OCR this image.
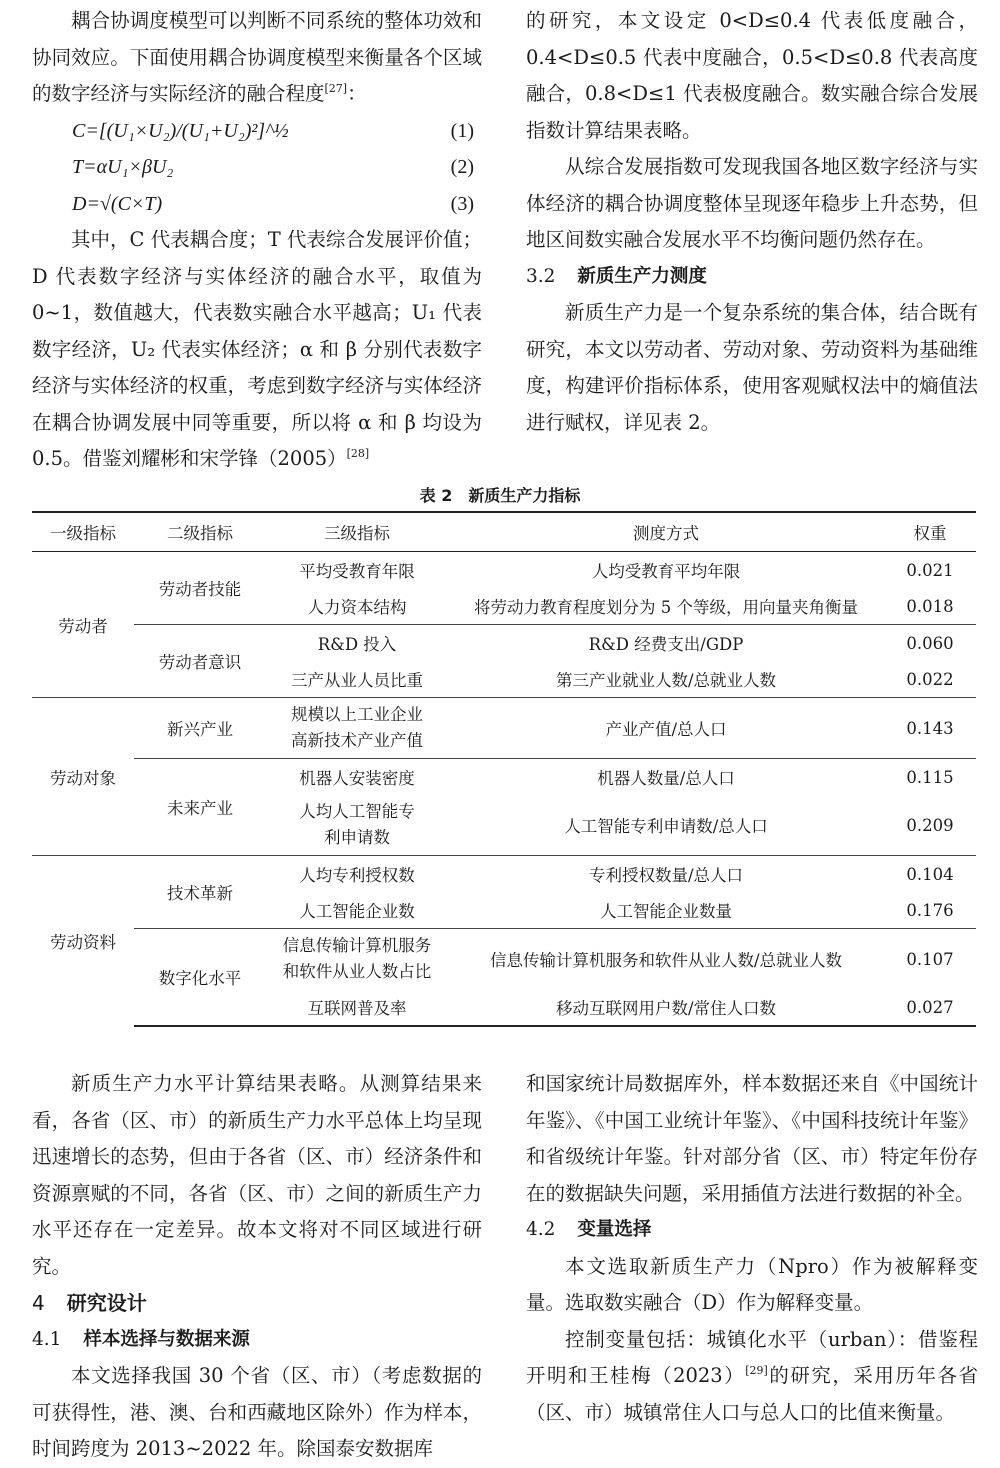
耦合协调度模型可以判断不同系统的整体功效和协同效应。下面使用耦合协调度模型来衡量各个区域的数字经济与实际经济的融合程度[27]：

C=[(U₁×U₂)/(U₁+U₂)²]^½	(1)
T=αU₁×βU₂	(2)
D=√(C×T)	(3)

其中，C 代表耦合度；T 代表综合发展评价值；D 代表数字经济与实体经济的融合水平，取值为 0~1，数值越大，代表数实融合水平越高；U₁ 代表数字经济，U₂ 代表实体经济；α 和 β 分别代表数字经济与实体经济的权重，考虑到数字经济与实体经济在耦合协调发展中同等重要，所以将 α 和 β 均设为 0.5。借鉴刘耀彬和宋学锋（2005）[28]

的研究，本文设定 0<D≤0.4 代表低度融合，0.4<D≤0.5 代表中度融合，0.5<D≤0.8 代表高度融合，0.8<D≤1 代表极度融合。数实融合综合发展指数计算结果表略。

从综合发展指数可发现我国各地区数字经济与实体经济的耦合协调度整体呈现逐年稳步上升态势，但地区间数实融合发展水平不均衡问题仍然存在。

3.2 新质生产力测度

新质生产力是一个复杂系统的集合体，结合既有研究，本文以劳动者、劳动对象、劳动资料为基础维度，构建评价指标体系，使用客观赋权法中的熵值法进行赋权，详见表 2。

表 2　新质生产力指标
一级指标	二级指标	三级指标	测度方式	权重
劳动者	劳动者技能	平均受教育年限	人均受教育平均年限	0.021
		人力资本结构	将劳动力教育程度划分为 5 个等级，用向量夹角衡量	0.018
	劳动者意识	R&D 投入	R&D 经费支出/GDP	0.060
		三产从业人员比重	第三产业就业人数/总就业人数	0.022
劳动对象	新兴产业	规模以上工业企业高新技术产业产值	产业产值/总人口	0.143
	未来产业	机器人安装密度	机器人数量/总人口	0.115
		人均人工智能专利申请数	人工智能专利申请数/总人口	0.209
劳动资料	技术革新	人均专利授权数	专利授权数量/总人口	0.104
		人工智能企业数	人工智能企业数量	0.176
	数字化水平	信息传输计算机服务和软件从业人数占比	信息传输计算机服务和软件从业人数/总就业人数	0.107
		互联网普及率	移动互联网用户数/常住人口数	0.027

新质生产力水平计算结果表略。从测算结果来看，各省（区、市）的新质生产力水平总体上均呈现迅速增长的态势，但由于各省（区、市）经济条件和资源禀赋的不同，各省（区、市）之间的新质生产力水平还存在一定差异。故本文将对不同区域进行研究。

4 研究设计
4.1 样本选择与数据来源

本文选择我国 30 个省（区、市）（考虑数据的可获得性，港、澳、台和西藏地区除外）作为样本，时间跨度为 2013~2022 年。除国泰安数据库

和国家统计局数据库外，样本数据还来自《中国统计年鉴》、《中国工业统计年鉴》、《中国科技统计年鉴》和省级统计年鉴。针对部分省（区、市）特定年份存在的数据缺失问题，采用插值方法进行数据的补全。

4.2 变量选择

本文选取新质生产力（Npro）作为被解释变量。选取数实融合（D）作为解释变量。

控制变量包括：城镇化水平（urban）：借鉴程开明和王桂梅（2023）[29]的研究，采用历年各省（区、市）城镇常住人口与总人口的比值来衡量。
